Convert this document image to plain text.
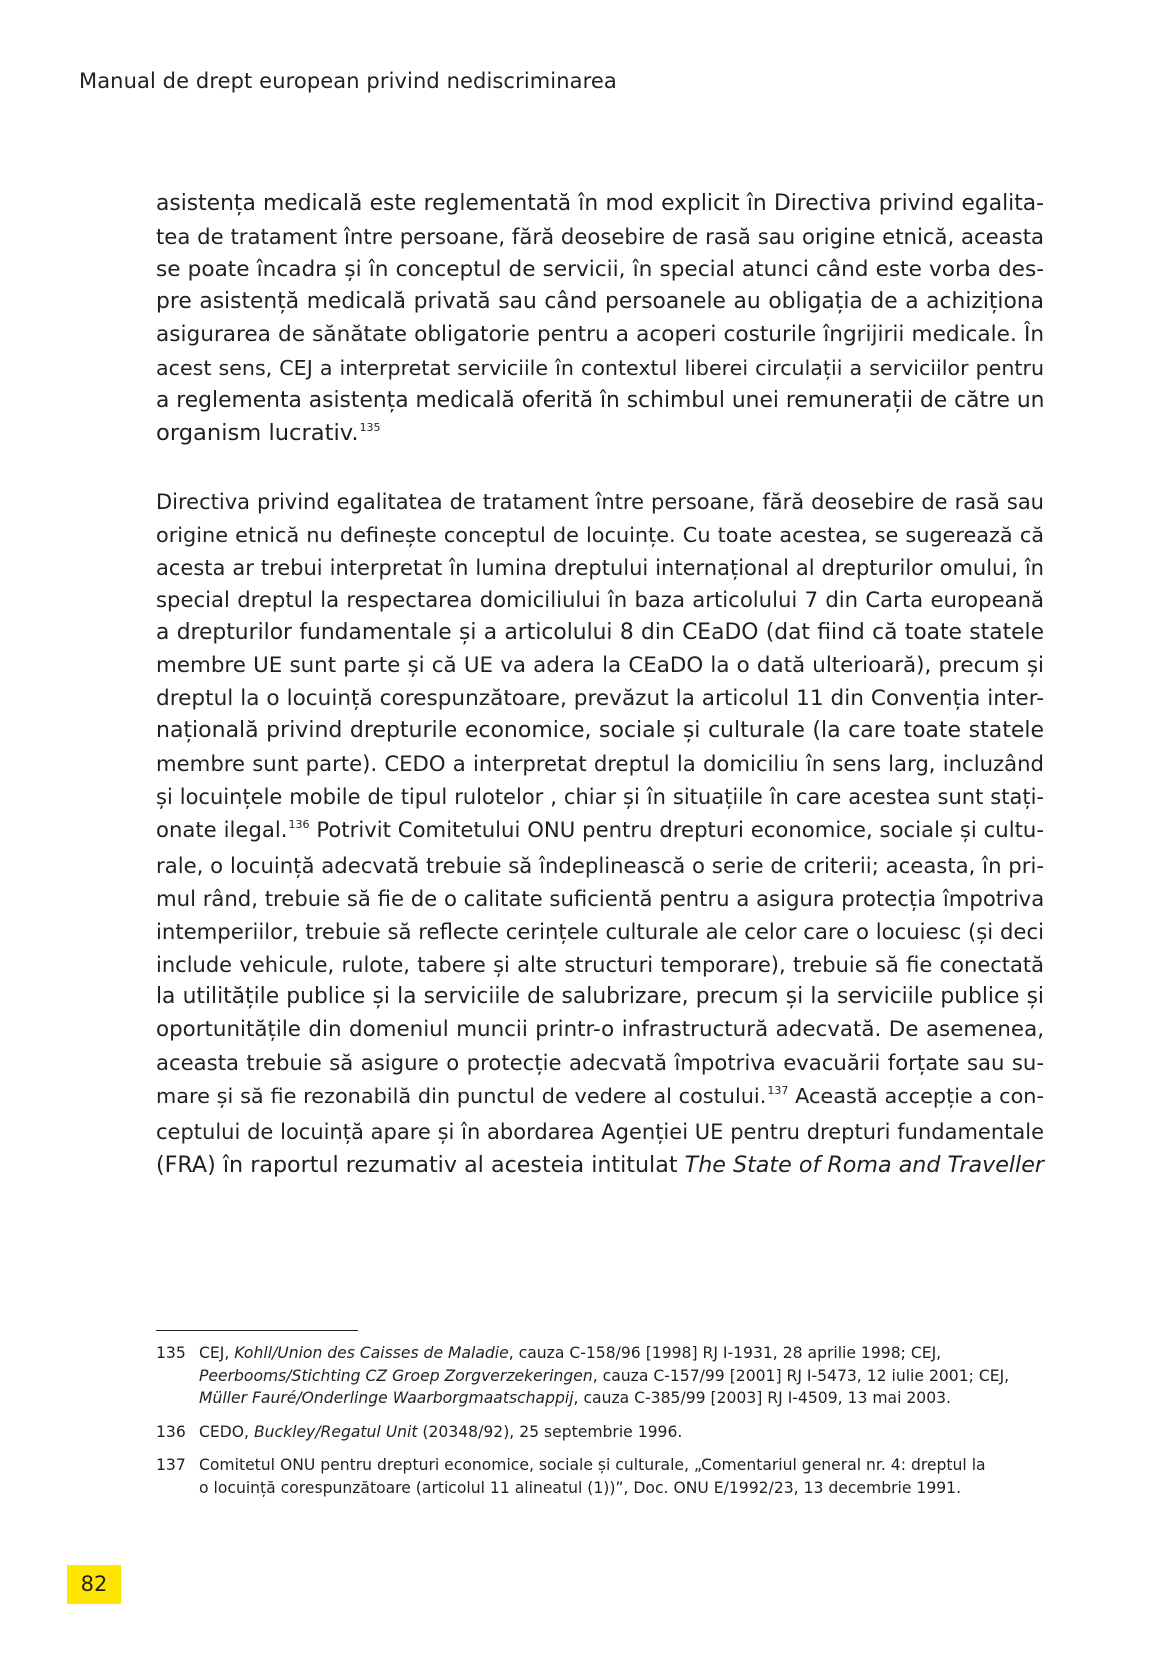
Manual de drept european privind nediscriminarea

asistența medicală este reglementată în mod explicit în Directiva privind egalita-
tea de tratament între persoane, fără deosebire de rasă sau origine etnică, aceasta
se poate încadra și în conceptul de servicii, în special atunci când este vorba des-
pre asistență medicală privată sau când persoanele au obligația de a achiziționa
asigurarea de sănătate obligatorie pentru a acoperi costurile îngrijirii medicale. În
acest sens, CEJ a interpretat serviciile în contextul liberei circulații a serviciilor pentru
a reglementa asistența medicală oferită în schimbul unei remunerații de către un
organism lucrativ.$^{135}$

Directiva privind egalitatea de tratament între persoane, fără deosebire de rasă sau
origine etnică nu definește conceptul de locuințe. Cu toate acestea, se sugerează că
acesta ar trebui interpretat în lumina dreptului internațional al drepturilor omului, în
special dreptul la respectarea domiciliului în baza articolului 7 din Carta europeană
a drepturilor fundamentale și a articolului 8 din CEaDO (dat fiind că toate statele
membre UE sunt parte și că UE va adera la CEaDO la o dată ulterioară), precum și
dreptul la o locuință corespunzătoare, prevăzut la articolul 11 din Convenția inter-
națională privind drepturile economice, sociale și culturale (la care toate statele
membre sunt parte). CEDO a interpretat dreptul la domiciliu în sens larg, incluzând
și locuințele mobile de tipul rulotelor , chiar și în situațiile în care acestea sunt stați-
onate ilegal.$^{136}$ Potrivit Comitetului ONU pentru drepturi economice, sociale și cultu-
rale, o locuință adecvată trebuie să îndeplinească o serie de criterii; aceasta, în pri-
mul rând, trebuie să fie de o calitate suficientă pentru a asigura protecția împotriva
intemperiilor, trebuie să reflecte cerințele culturale ale celor care o locuiesc (și deci
include vehicule, rulote, tabere și alte structuri temporare), trebuie să fie conectată
la utilitățile publice și la serviciile de salubrizare, precum și la serviciile publice și
oportunitățile din domeniul muncii printr-o infrastructură adecvată. De asemenea,
aceasta trebuie să asigure o protecție adecvată împotriva evacuării forțate sau su-
mare și să fie rezonabilă din punctul de vedere al costului.$^{137}$ Această accepție a con-
ceptului de locuință apare și în abordarea Agenției UE pentru drepturi fundamentale
(FRA) în raportul rezumativ al acesteia intitulat The State of Roma and Traveller

135 CEJ, Kohll/Union des Caisses de Maladie, cauza C-158/96 [1998] RJ I-1931, 28 aprilie 1998; CEJ,
Peerbooms/Stichting CZ Groep Zorgverzekeringen, cauza C-157/99 [2001] RJ I-5473, 12 iulie 2001; CEJ,
Müller Fauré/Onderlinge Waarborgmaatschappij, cauza C-385/99 [2003] RJ I-4509, 13 mai 2003.
136 CEDO, Buckley/Regatul Unit (20348/92), 25 septembrie 1996.
137 Comitetul ONU pentru drepturi economice, sociale și culturale, „Comentariul general nr. 4: dreptul la
o locuință corespunzătoare (articolul 11 alineatul (1))”, Doc. ONU E/1992/23, 13 decembrie 1991.
82
